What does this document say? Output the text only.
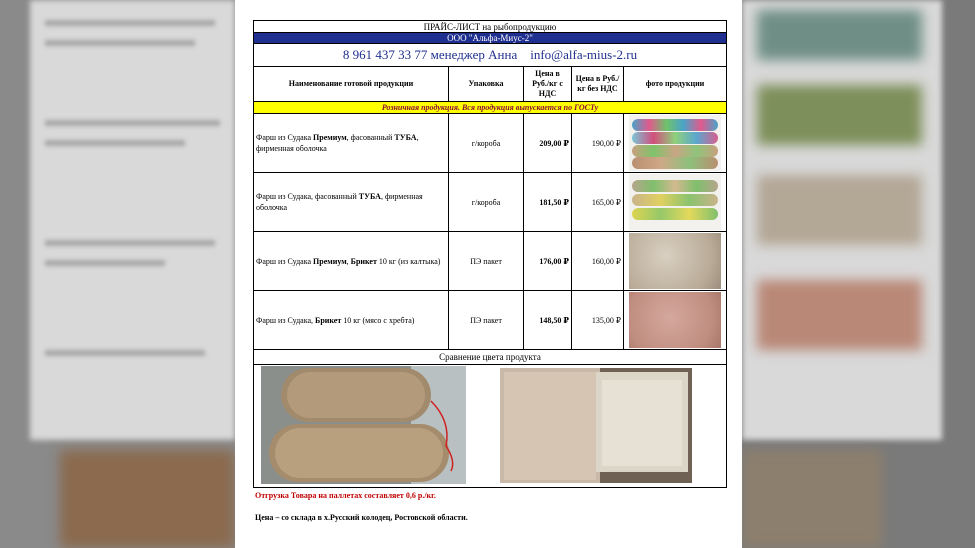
ПРАЙС-ЛИСТ на рыбопродукцию				
ООО "Альфа-Миус-2"				
8 961 437 33 77 менеджер Анна    info@alfa-mius-2.ru				
Наименование готовой продукции	Упаковка	Цена в Руб./кг с НДС	Цена в Руб./кг без НДС	фото продукции
Розничная продукция. Вся продукция выпускается по ГОСТу				
Фарш из Судака Премиум, фасованный ТУБА, фирменная оболочка	г/короба	209,00 ₽	190,00 ₽	

Фарш из Судака, фасованный ТУБА, фирменная оболочка	г/короба	181,50 ₽	165,00 ₽	

Фарш из Судака Премиум, Брикет 10 кг (из калтыка)	ПЭ пакет	176,00 ₽	160,00 ₽	

Фарш из Судака, Брикет 10 кг (мясо с хребта)	ПЭ пакет	148,50 ₽	135,00 ₽	

Сравнение цвета продукта				

Отгрузка Товара на паллетах составляет 0,6 р./кг.
Цена – со склада в х.Русский колодец, Ростовской области.
